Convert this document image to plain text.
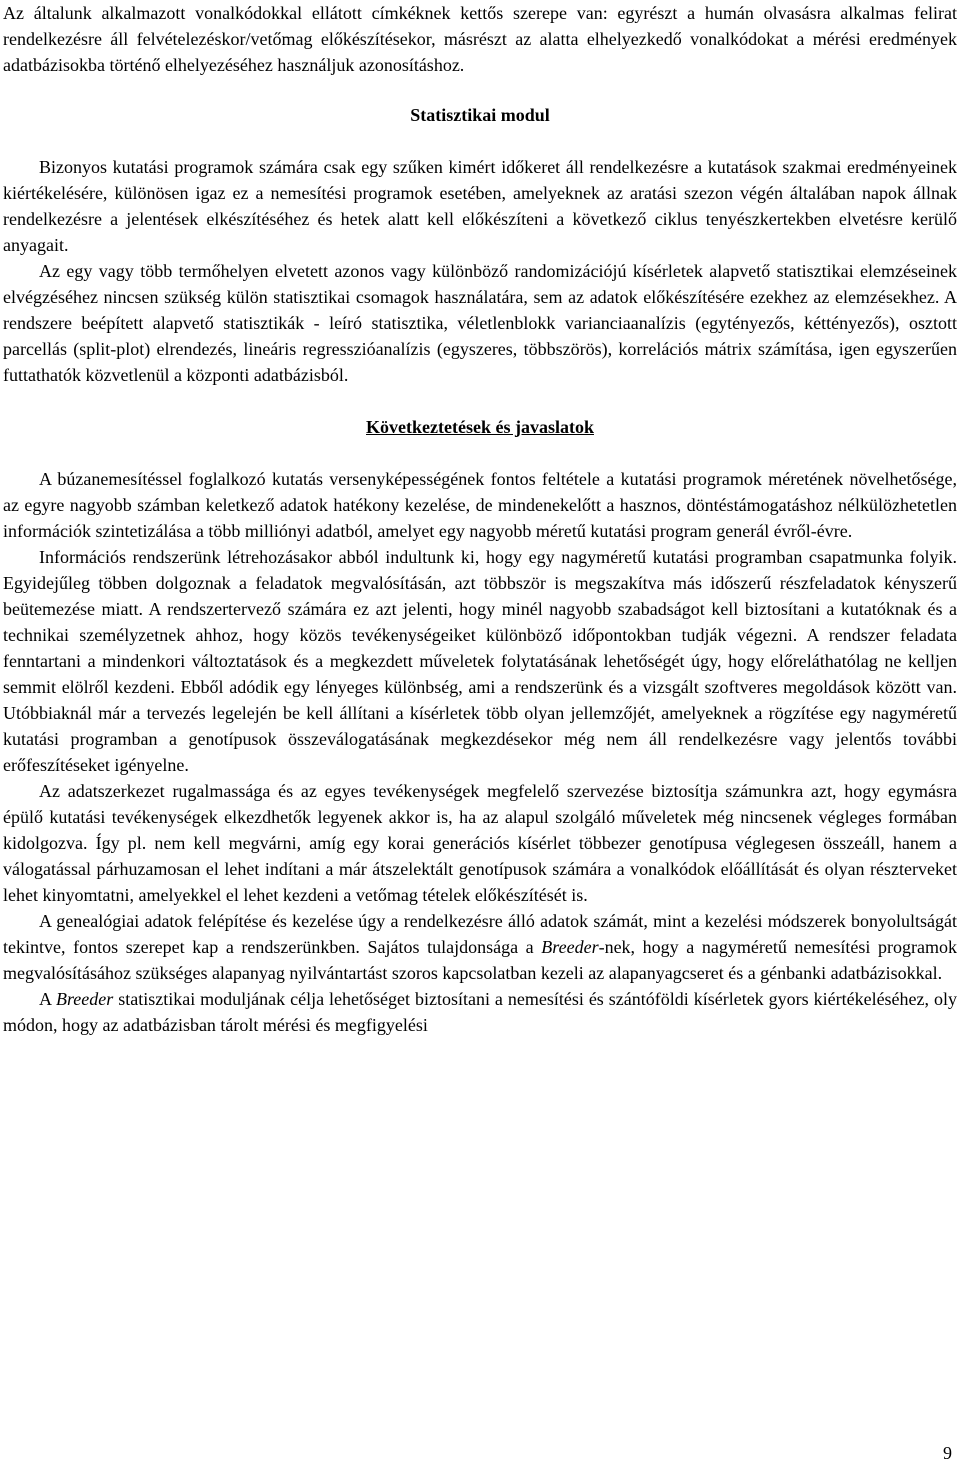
Az általunk alkalmazott vonalkódokkal ellátott címkéknek kettős szerepe van: egyrészt a humán olvasásra alkalmas felirat rendelkezésre áll felvételezéskor/vetőmag előkészítésekor, másrészt az alatta elhelyezkedő vonalkódokat a mérési eredmények adatbázisokba történő elhelyezéséhez használjuk azonosításhoz.

Statisztikai modul

Bizonyos kutatási programok számára csak egy szűken kimért időkeret áll rendelkezésre a kutatások szakmai eredményeinek kiértékelésére, különösen igaz ez a nemesítési programok esetében, amelyeknek az aratási szezon végén általában napok állnak rendelkezésre a jelentések elkészítéséhez és hetek alatt kell előkészíteni a következő ciklus tenyészkertekben elvetésre kerülő anyagait.

Az egy vagy több termőhelyen elvetett azonos vagy különböző randomizációjú kísérletek alapvető statisztikai elemzéseinek elvégzéséhez nincsen szükség külön statisztikai csomagok használatára, sem az adatok előkészítésére ezekhez az elemzésekhez. A rendszere beépített alapvető statisztikák - leíró statisztika, véletlenblokk varianciaanalízis (egytényezős, kéttényezős), osztott parcellás (split-plot) elrendezés, lineáris regresszióanalízis (egyszeres, többszörös), korrelációs mátrix számítása, igen egyszerűen futtathatók közvetlenül a központi adatbázisból.

Következtetések és javaslatok

A búzanemesítéssel foglalkozó kutatás versenyképességének fontos feltétele a kutatási programok méretének növelhetősége, az egyre nagyobb számban keletkező adatok hatékony kezelése, de mindenekelőtt a hasznos, döntéstámogatáshoz nélkülözhetetlen információk szintetizálása a több milliónyi adatból, amelyet egy nagyobb méretű kutatási program generál évről-évre.

Információs rendszerünk létrehozásakor abból indultunk ki, hogy egy nagyméretű kutatási programban csapatmunka folyik. Egyidejűleg többen dolgoznak a feladatok megvalósításán, azt többször is megszakítva más időszerű részfeladatok kényszerű beütemezése miatt. A rendszertervező számára ez azt jelenti, hogy minél nagyobb szabadságot kell biztosítani a kutatóknak és a technikai személyzetnek ahhoz, hogy közös tevékenységeiket különböző időpontokban tudják végezni. A rendszer feladata fenntartani a mindenkori változtatások és a megkezdett műveletek folytatásának lehetőségét úgy, hogy előreláthatólag ne kelljen semmit elölről kezdeni. Ebből adódik egy lényeges különbség, ami a rendszerünk és a vizsgált szoftveres megoldások között van. Utóbbiaknál már a tervezés legelején be kell állítani a kísérletek több olyan jellemzőjét, amelyeknek a rögzítése egy nagyméretű kutatási programban a genotípusok összeválogatásának megkezdésekor még nem áll rendelkezésre vagy jelentős további erőfeszítéseket igényelne.

Az adatszerkezet rugalmassága és az egyes tevékenységek megfelelő szervezése biztosítja számunkra azt, hogy egymásra épülő kutatási tevékenységek elkezdhetők legyenek akkor is, ha az alapul szolgáló műveletek még nincsenek végleges formában kidolgozva. Így pl. nem kell megvárni, amíg egy korai generációs kísérlet többezer genotípusa véglegesen összeáll, hanem a válogatással párhuzamosan el lehet indítani a már átszelektált genotípusok számára a vonalkódok előállítását és olyan részterveket lehet kinyomtatni, amelyekkel el lehet kezdeni a vetőmag tételek előkészítését is.

A genealógiai adatok felépítése és kezelése úgy a rendelkezésre álló adatok számát, mint a kezelési módszerek bonyolultságát tekintve, fontos szerepet kap a rendszerünkben. Sajátos tulajdonsága a Breeder-nek, hogy a nagyméretű nemesítési programok megvalósításához szükséges alapanyag nyilvántartást szoros kapcsolatban kezeli az alapanyagcseret és a génbanki adatbázisokkal.

A Breeder statisztikai moduljának célja lehetőséget biztosítani a nemesítési és szántóföldi kísérletek gyors kiértékeléséhez, oly módon, hogy az adatbázisban tárolt mérési és megfigyelési

9
